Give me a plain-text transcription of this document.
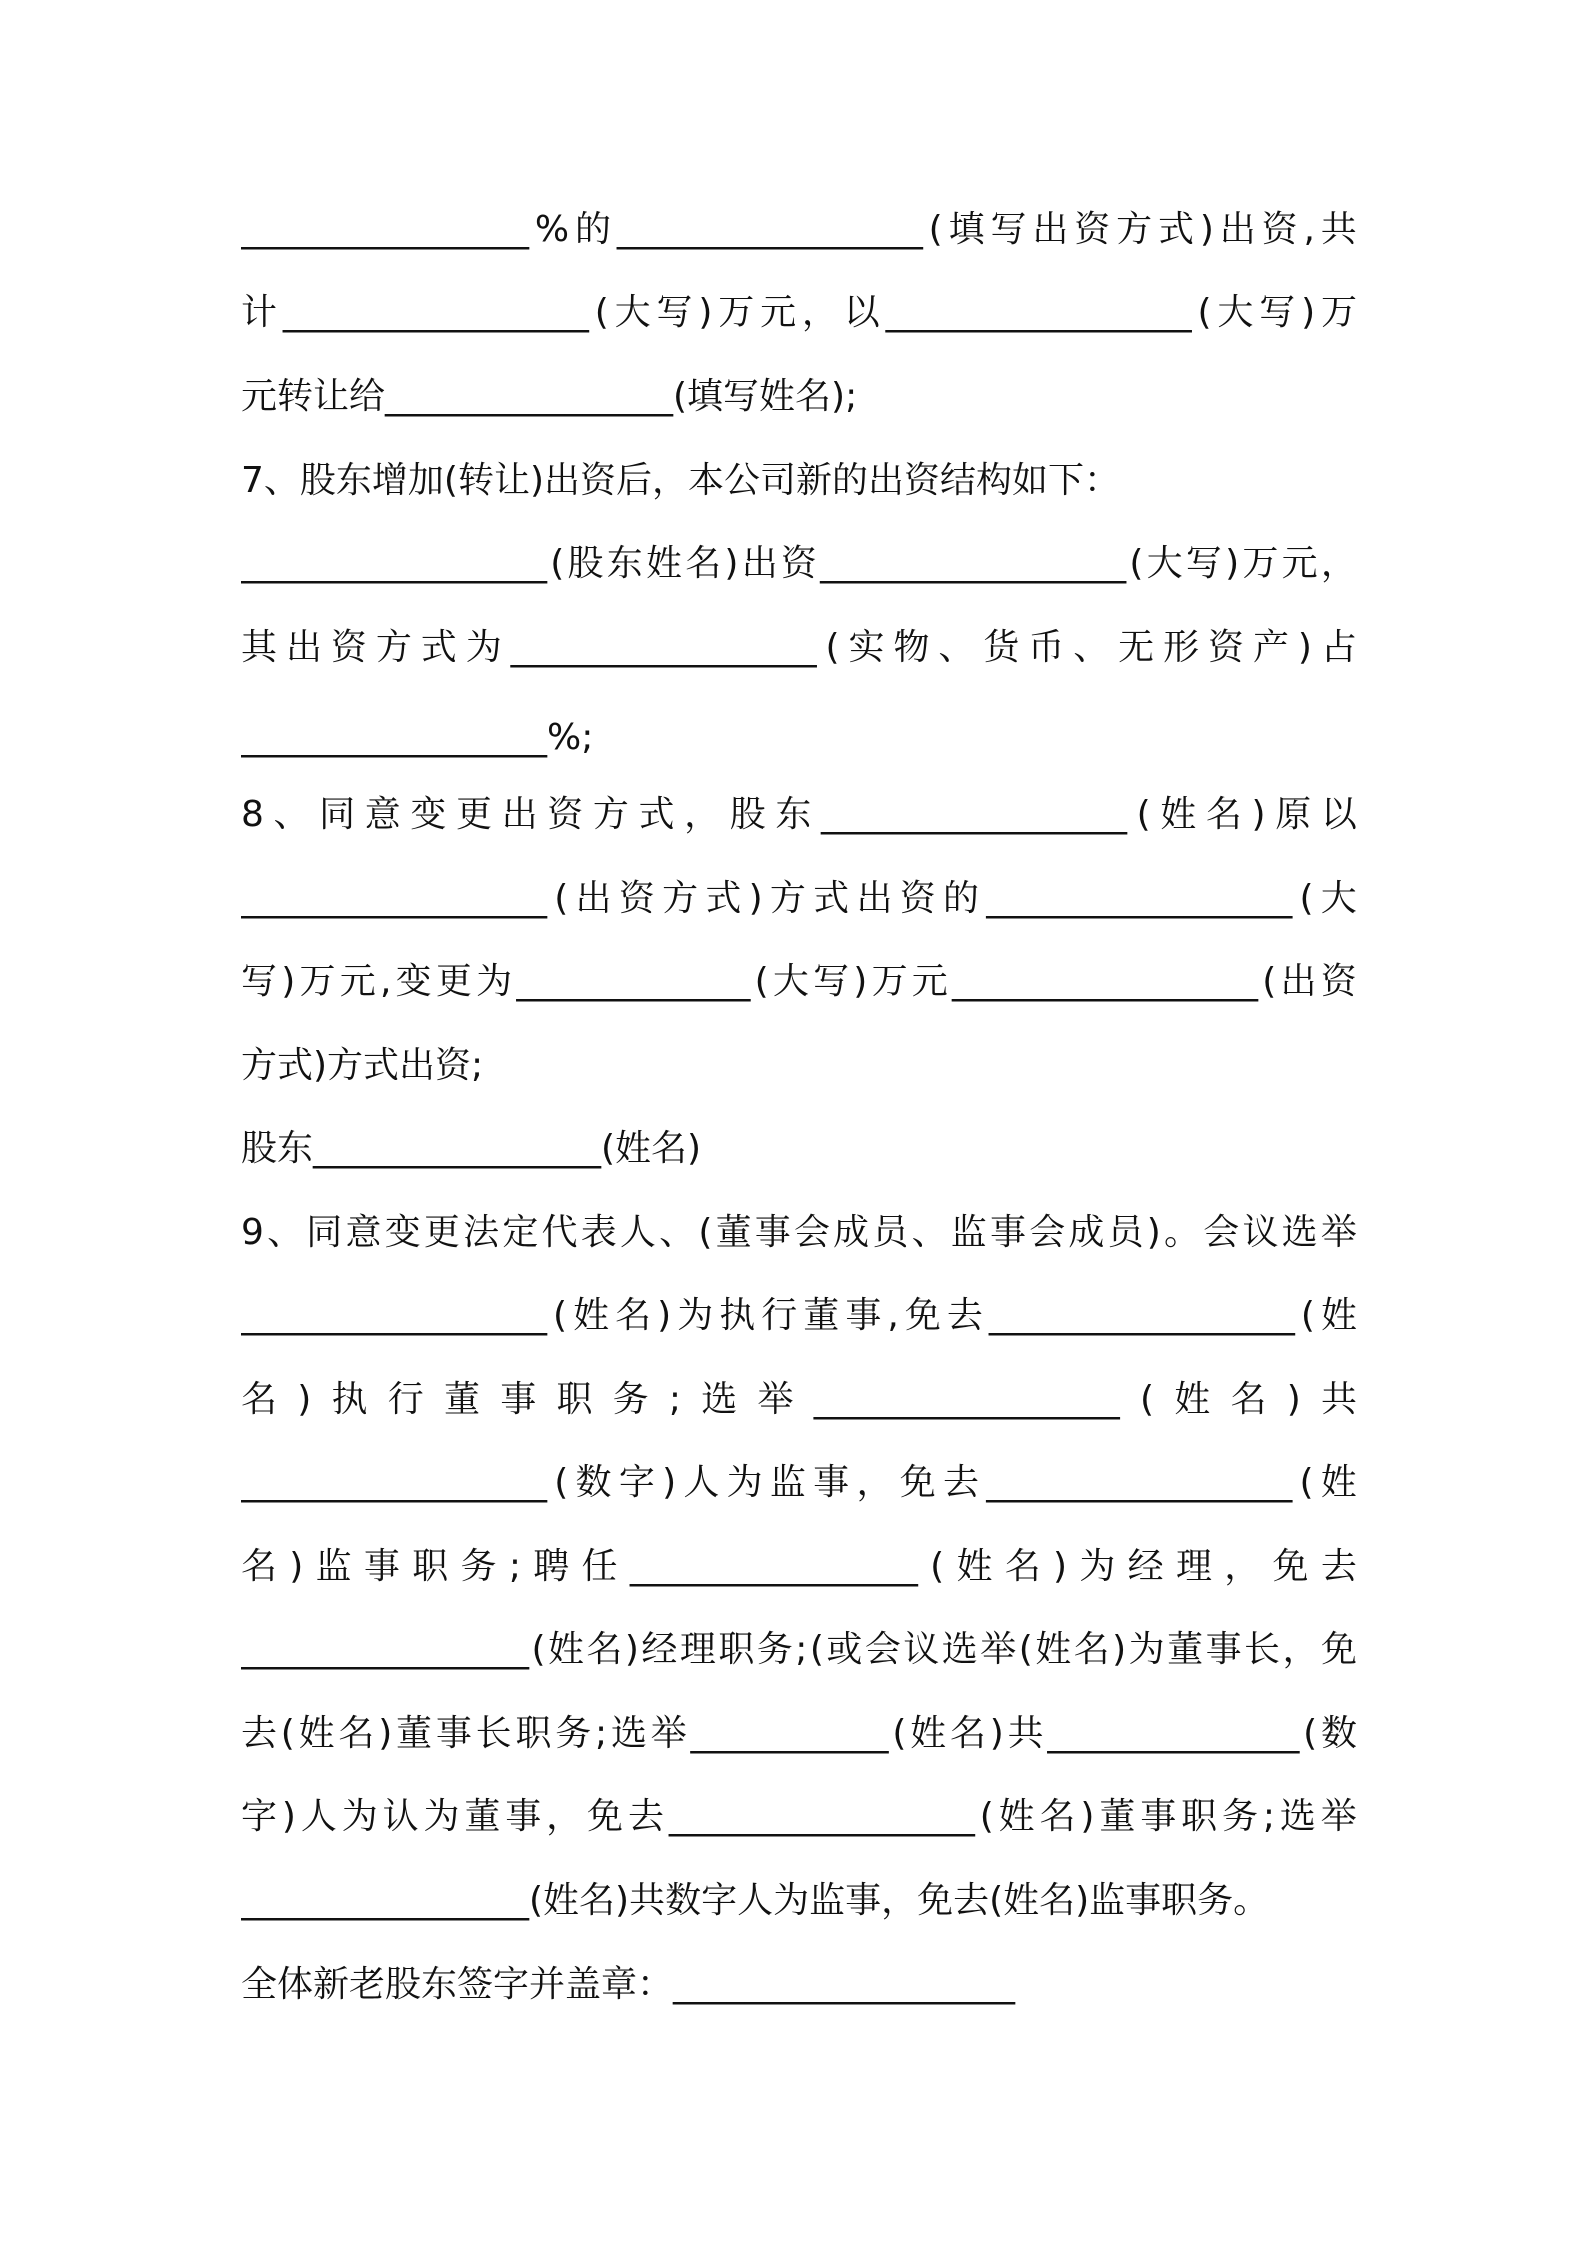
________________ % 的 _________________ ( 填 写 出 资 方 式 ) 出 资 , 共
计 _________________ ( 大 写 ) 万 元 ， 以 _________________ ( 大 写 ) 万
元转让给________________(填写姓名);
7、股东增加(转让)出资后，本公司新的出资结构如下：
_________________ ( 股 东 姓 名 ) 出 资 _________________ ( 大 写 ) 万 元 ，
其 出 资 方 式 为 _________________ ( 实 物 、 货 币 、 无 形 资 产 ) 占
_________________%;
8 、 同 意 变 更 出 资 方 式 ， 股 东 _________________ ( 姓 名 ) 原 以
_________________ ( 出 资 方 式 ) 方 式 出 资 的 _________________ ( 大
写 ) 万 元 , 变 更 为 _____________ ( 大 写 ) 万 元 _________________ ( 出 资
方式)方式出资;
股东________________(姓名)
9 、 同 意 变 更 法 定 代 表 人 、 ( 董 事 会 成 员 、 监 事 会 成 员 ) 。 会 议 选 举
_________________ ( 姓 名 ) 为 执 行 董 事 , 免 去 _________________ ( 姓
名 ) 执 行 董 事 职 务 ; 选 举 _________________ ( 姓 名 ) 共
_________________ ( 数 字 ) 人 为 监 事 ， 免 去 _________________ ( 姓
名 ) 监 事 职 务 ; 聘 任 ________________ ( 姓 名 ) 为 经 理 ， 免 去
________________ ( 姓 名 ) 经 理 职 务 ; ( 或 会 议 选 举 ( 姓 名 ) 为 董 事 长 ， 免
去 ( 姓 名 ) 董 事 长 职 务 ; 选 举 ___________ ( 姓 名 ) 共 ______________ ( 数
字 ) 人 为 认 为 董 事 ， 免 去 _________________ ( 姓 名 ) 董 事 职 务 ; 选 举
________________(姓名)共数字人为监事，免去(姓名)监事职务。
全体新老股东签字并盖章：___________________
